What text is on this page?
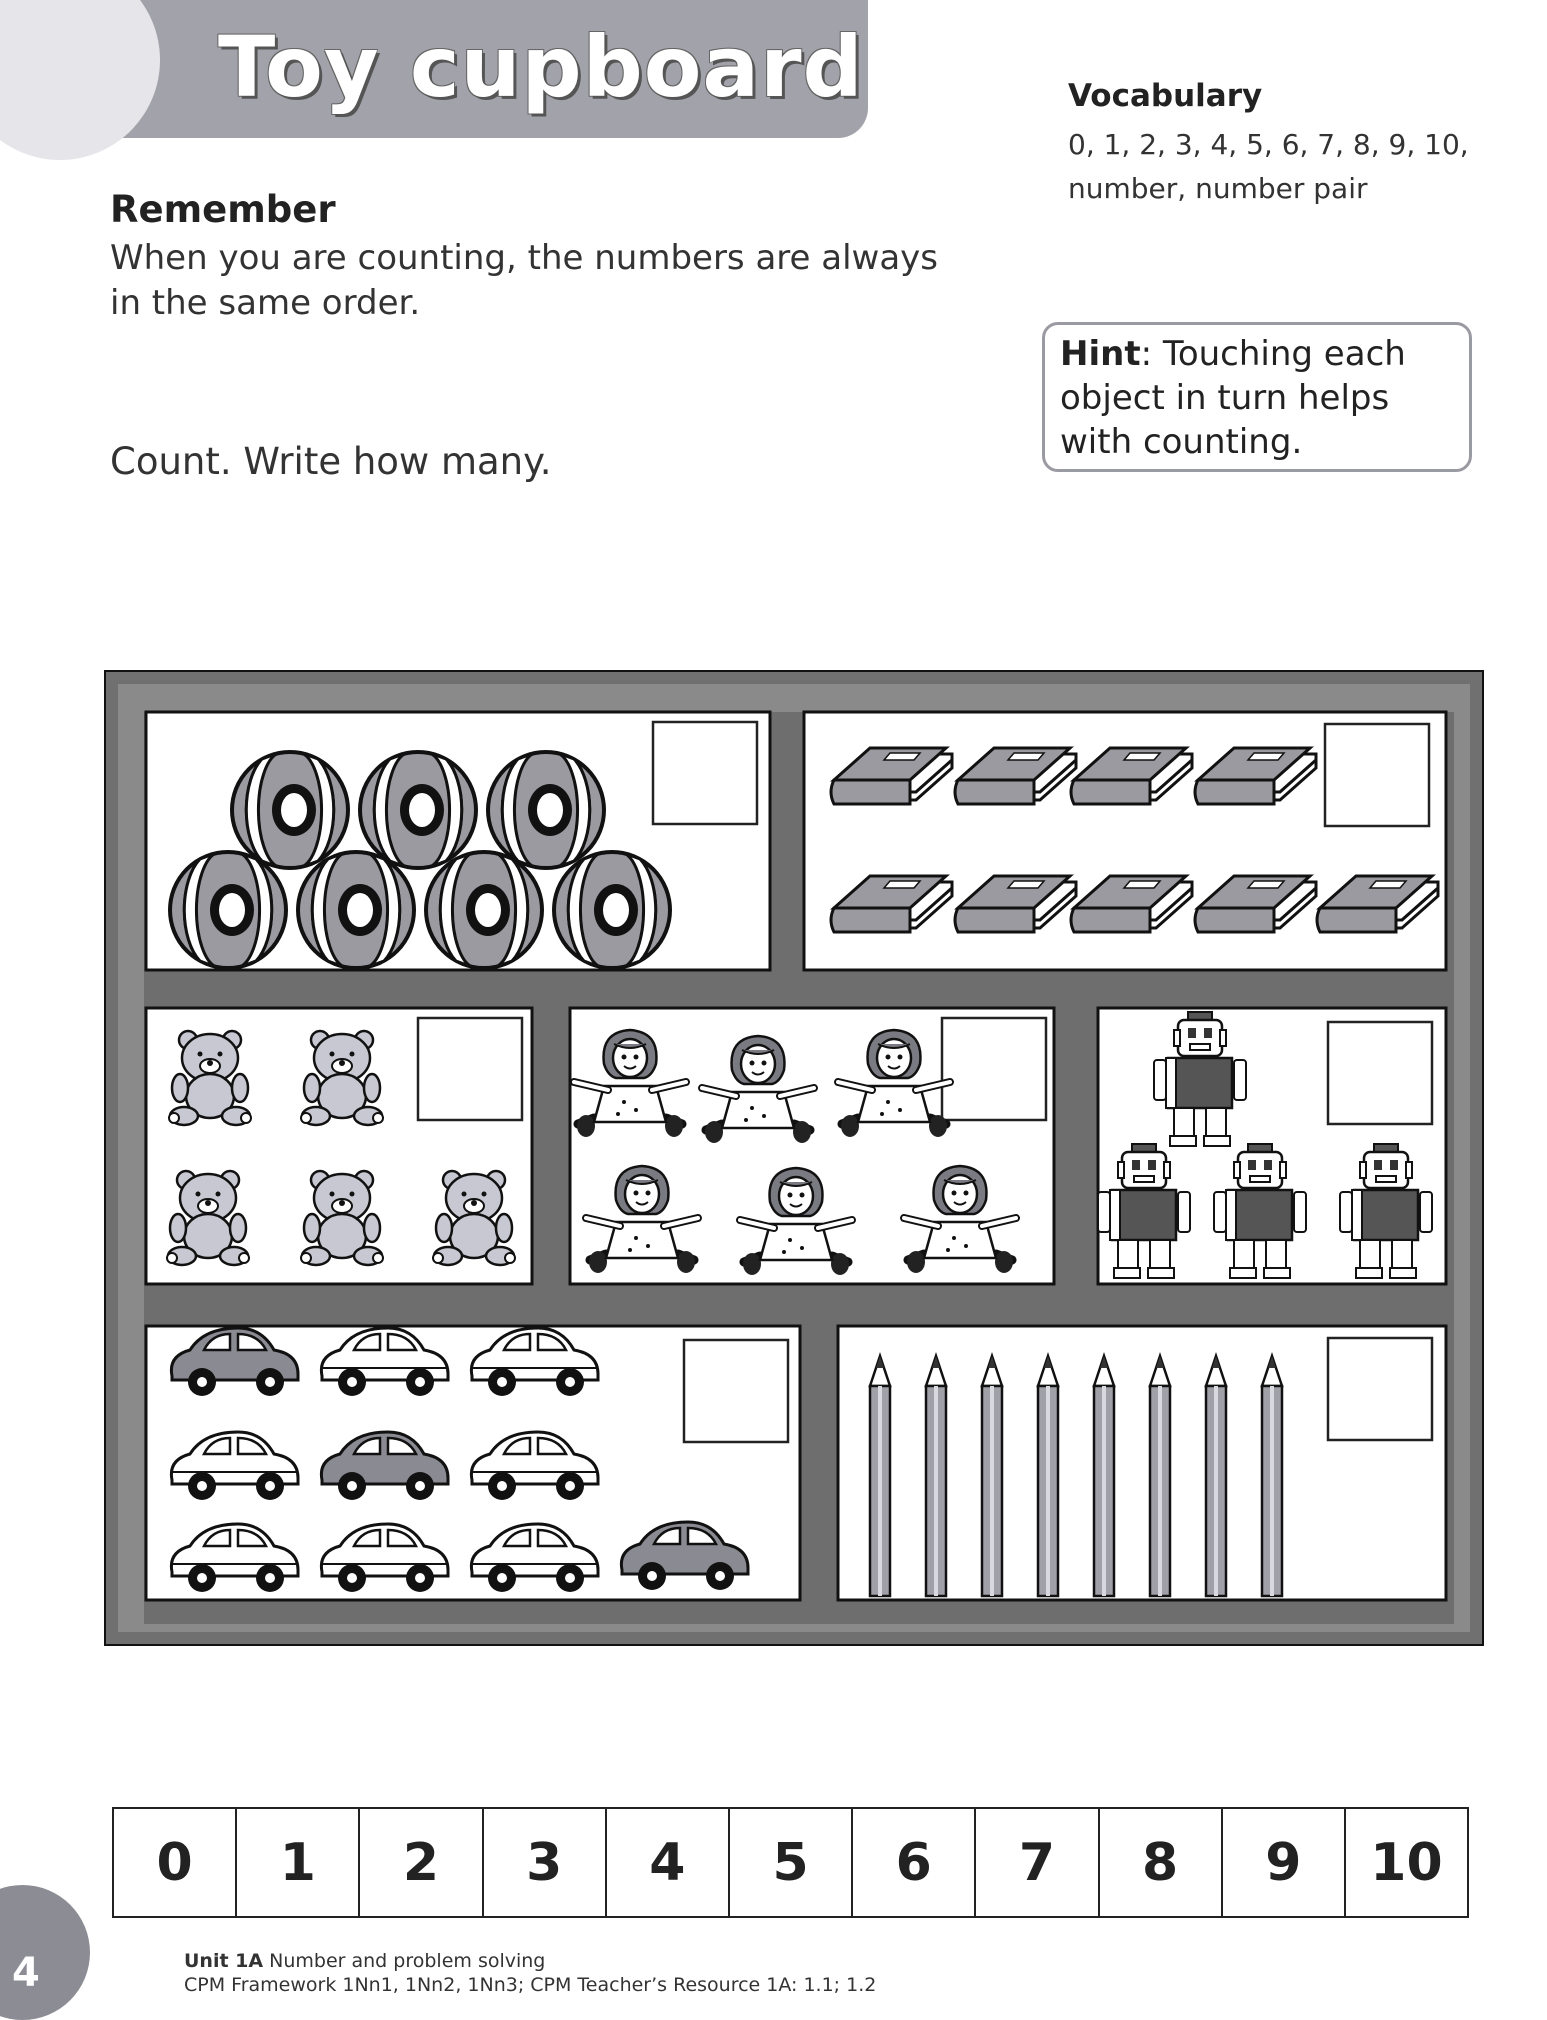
Toy cupboard	Vocabulary
0, 1, 2, 3, 4, 5, 6, 7, 8, 9, 10,
number, number pair
Remember
When you are counting, the numbers are always in the same order.
Hint: Touching each object in turn helps with counting.
Count. Write how many.
0	1	2	3	4	5	6	7	8	9	10
4	Unit 1A Number and problem solving
CPM Framework 1Nn1, 1Nn2, 1Nn3; CPM Teacher’s Resource 1A: 1.1; 1.2
